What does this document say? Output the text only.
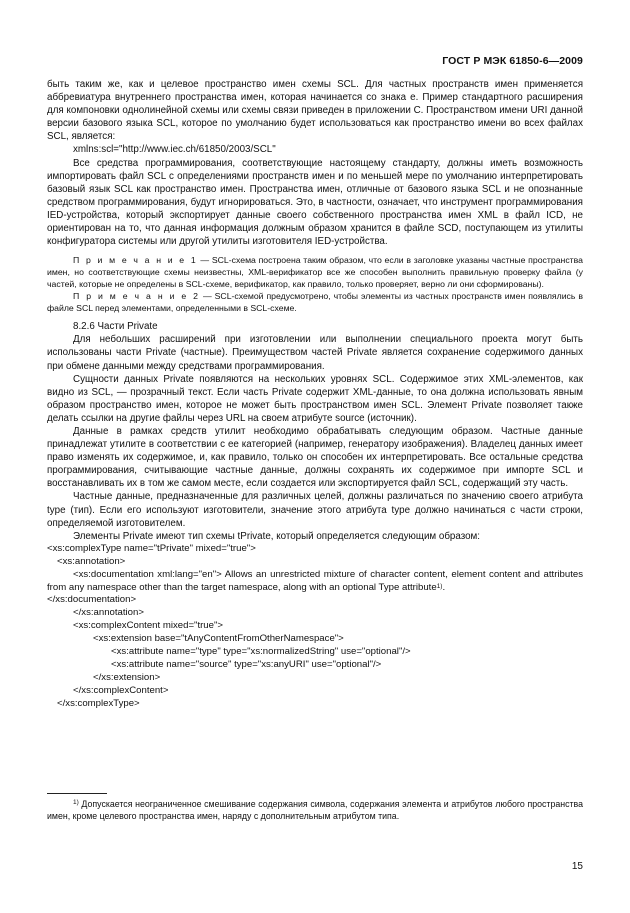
ГОСТ Р МЭК 61850-6—2009

быть таким же, как и целевое пространство имен схемы SCL. Для частных пространств имен применяется аббревиатура внутреннего пространства имен, которая начинается со знака e. Пример стандартного расширения для компоновки однолинейной схемы или схемы связи приведен в приложении С. Пространством имени URI данной версии базового языка SCL, которое по умолчанию будет использоваться как пространство имени во всех файлах SCL, является:

xmlns:scl="http://www.iec.ch/61850/2003/SCL"

Все средства программирования, соответствующие настоящему стандарту, должны иметь возможность импортировать файл SCL с определениями пространств имен и по меньшей мере по умолчанию интерпретировать базовый язык SCL как пространство имен. Пространства имен, отличные от базового языка SCL и не опознанные средством программирования, будут игнорироваться. Это, в частности, означает, что инструмент программирования IED-устройства, который экспортирует данные своего собственного пространства имен XML в файл ICD, не ориентирован на то, что данная информация должным образом хранится в файле SCD, поступающем из утилиты конфигуратора системы или другой утилиты изготовителя IED-устройства.

П р и м е ч а н и е 1 — SCL-схема построена таким образом, что если в заголовке указаны частные пространства имен, но соответствующие схемы неизвестны, XML-верификатор все же способен выполнить правильную проверку файла (у частей, которые не определены в SCL-схеме, верификатор, как правило, только проверяет, верно ли они сформированы).

П р и м е ч а н и е 2 — SCL-схемой предусмотрено, чтобы элементы из частных пространств имен появлялись в файле SCL перед элементами, определенными в SCL-схеме.

8.2.6 Части Private

Для небольших расширений при изготовлении или выполнении специального проекта могут быть использованы части Private (частные). Преимуществом частей Private является сохранение содержимого данных при обмене данными между средствами программирования.

Сущности данных Private появляются на нескольких уровнях SCL. Содержимое этих XML-элементов, как видно из SCL, — прозрачный текст. Если часть Private содержит XML-данные, то она должна использовать явным образом пространство имен, которое не может быть пространством имен SCL. Элемент Private позволяет также делать ссылки на другие файлы через URL на своем атрибуте source (источник).

Данные в рамках средств утилит необходимо обрабатывать следующим образом. Частные данные принадлежат утилите в соответствии с ее категорией (например, генератору изображения). Владелец данных имеет право изменять их содержимое, и, как правило, только он способен их интерпретировать. Все остальные средства программирования, считывающие частные данные, должны сохранять их содержимое при импорте SCL и восстанавливать их в том же самом месте, если создается или экспортируется файл SCL, содержащий эту часть.

Частные данные, предназначенные для различных целей, должны различаться по значению своего атрибута type (тип). Если его используют изготовители, значение этого атрибута type должно начинаться с части строки, определяемой изготовителем.

Элементы Private имеют тип схемы tPrivate, который определяется следующим образом:

<xs:complexType name="tPrivate" mixed="true">
<xs:annotation>
<xs:documentation xml:lang="en"> Allows an unrestricted mixture of character content, element content and attributes from any namespace other than the target namespace, along with an optional Type attribute$^{1)}$.
</xs:documentation>
</xs:annotation>
<xs:complexContent mixed="true">
<xs:extension base="tAnyContentFromOtherNamespace">
<xs:attribute name="type" type="xs:normalizedString" use="optional"/>
<xs:attribute name="source" type="xs:anyURI" use="optional"/>
</xs:extension>
</xs:complexContent>
</xs:complexType>
$^{1)}$ Допускается неограниченное смешивание содержания символа, содержания элемента и атрибутов любого пространства имен, кроме целевого пространства имен, наряду с дополнительным атрибутом типа.
15
